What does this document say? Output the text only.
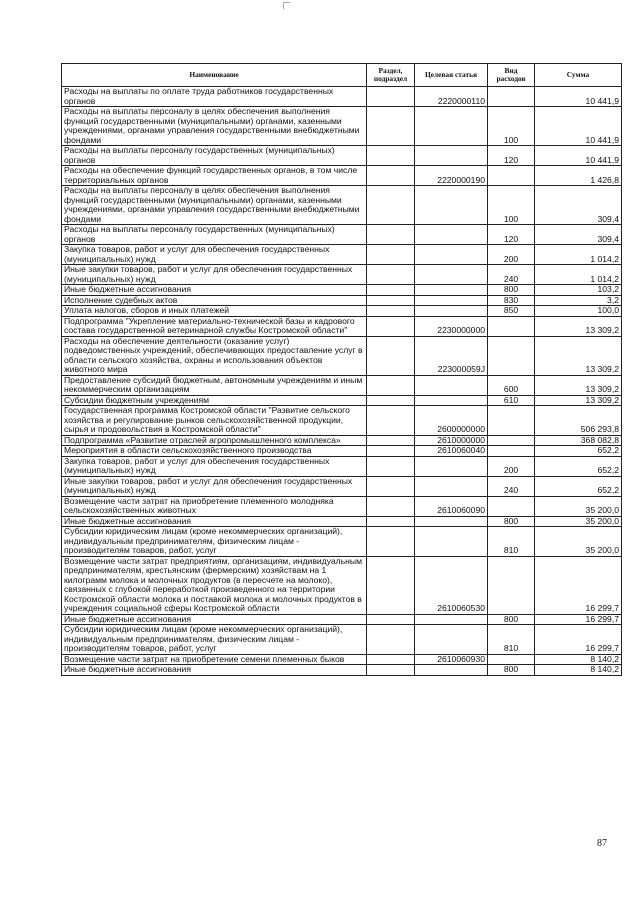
Наименование	Раздел, подраздел	Целевая статья	Вид расходов	Сумма
Расходы на выплаты по оплате труда работников государственных органов		2220000110		10 441,9
Расходы на выплаты персоналу в целях обеспечения выполнения функций государственными (муниципальными) органами, казенными учреждениями, органами управления государственными внебюджетными фондами			100	10 441,9
Расходы на выплаты персоналу государственных (муниципальных) органов			120	10 441,9
Расходы на обеспечение функций государственных органов, в том числе территориальных органов		2220000190		1 426,8
Расходы на выплаты персоналу в целях обеспечения выполнения функций государственными (муниципальными) органами, казенными учреждениями, органами управления государственными внебюджетными фондами			100	309,4
Расходы на выплаты персоналу государственных (муниципальных) органов			120	309,4
Закупка товаров, работ и услуг для обеспечения государственных (муниципальных) нужд			200	1 014,2
Иные закупки товаров, работ и услуг для обеспечения государственных (муниципальных) нужд			240	1 014,2
Иные бюджетные ассигнования			800	103,2
Исполнение судебных актов			830	3,2
Уплата налогов, сборов и иных платежей			850	100,0
Подпрограмма "Укрепление материально-технической базы и кадрового состава государственной ветеринарной службы Костромской области"		2230000000		13 309,2
Расходы на обеспечение деятельности (оказание услуг) подведомственных учреждений, обеспечивающих предоставление услуг в области сельского хозяйства, охраны и использования объектов животного мира		223000059J		13 309,2
Предоставление субсидий бюджетным, автономным учреждениям и иным некоммерческим организациям			600	13 309,2
Субсидии бюджетным учреждениям			610	13 309,2
Государственная программа Костромской области "Развитие сельского хозяйства и регулирование рынков сельскохозяйственной продукции, сырья и продовольствия в Костромской области"		2600000000		506 293,8
Подпрограмма «Развитие отраслей агропромышленного комплекса»		2610000000		368 082,8
Мероприятия в области сельскохозяйственного производства		2610060040		652,2
Закупка товаров, работ и услуг для обеспечения государственных (муниципальных) нужд			200	652,2
Иные закупки товаров, работ и услуг для обеспечения государственных (муниципальных) нужд			240	652,2
Возмещение части затрат на приобретение племенного молодняка сельскохозяйственных животных		2610060090		35 200,0
Иные бюджетные ассигнования			800	35 200,0
Субсидии юридическим лицам (кроме некоммерческих организаций), индивидуальным предпринимателям, физическим лицам - производителям товаров, работ, услуг			810	35 200,0
Возмещение части затрат предприятиям, организациям, индивидуальным предпринимателям, крестьянским (фермерским) хозяйствам на 1 килограмм молока и молочных продуктов (в пересчете на молоко), связанных с глубокой переработкой произведенного на территории Костромской области молока и поставкой молока и молочных продуктов в учреждения социальной сферы Костромской области		2610060530		16 299,7
Иные бюджетные ассигнования			800	16 299,7
Субсидии юридическим лицам (кроме некоммерческих организаций), индивидуальным предпринимателям, физическим лицам - производителям товаров, работ, услуг			810	16 299,7
Возмещение части затрат на приобретение семени племенных быков		2610060930		8 140,2
Иные бюджетные ассигнования			800	8 140,2
87
